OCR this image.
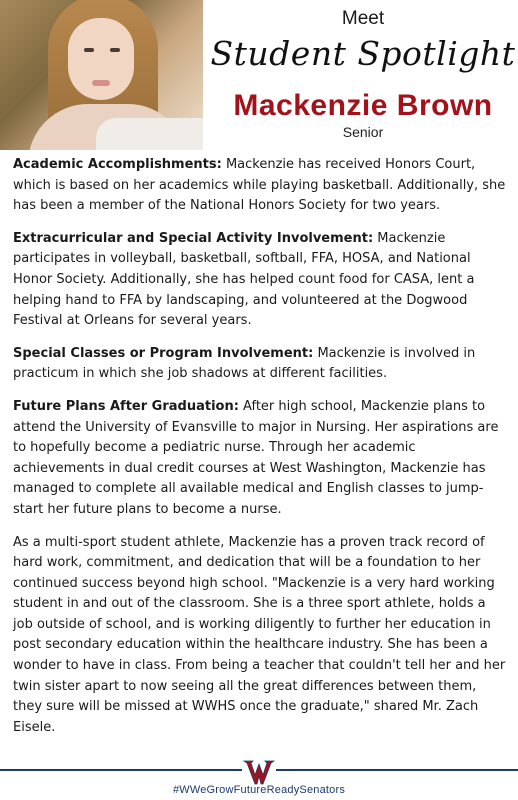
Meet
Student Spotlight
Mackenzie Brown
Senior

Academic Accomplishments: Mackenzie has received Honors Court, which is based on her academics while playing basketball. Additionally, she has been a member of the National Honors Society for two years.

Extracurricular and Special Activity Involvement: Mackenzie participates in volleyball, basketball, softball, FFA, HOSA, and National Honor Society. Additionally, she has helped count food for CASA, lent a helping hand to FFA by landscaping, and volunteered at the Dogwood Festival at Orleans for several years.

Special Classes or Program Involvement: Mackenzie is involved in practicum in which she job shadows at different facilities.

Future Plans After Graduation: After high school, Mackenzie plans to attend the University of Evansville to major in Nursing. Her aspirations are to hopefully become a pediatric nurse. Through her academic achievements in dual credit courses at West Washington, Mackenzie has managed to complete all available medical and English classes to jump-start her future plans to become a nurse.

As a multi-sport student athlete, Mackenzie has a proven track record of hard work, commitment, and dedication that will be a foundation to her continued success beyond high school. "Mackenzie is a very hard working student in and out of the classroom. She is a three sport athlete, holds a job outside of school, and is working diligently to further her education in post secondary education within the healthcare industry. She has been a wonder to have in class. From being a teacher that couldn't tell her and her twin sister apart to now seeing all the great differences between them, they sure will be missed at WWHS once the graduate," shared Mr. Zach Eisele.

#WWeGrowFutureReadySenators
